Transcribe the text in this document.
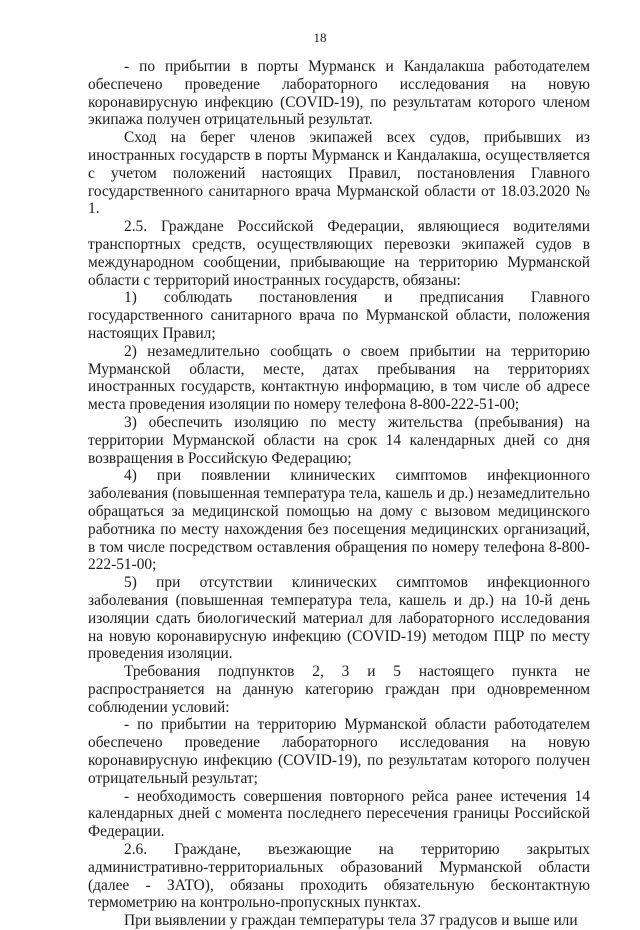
18

- по прибытии в порты Мурманск и Кандалакша работодателем обеспечено проведение лабораторного исследования на новую коронавирусную инфекцию (COVID-19), по результатам которого членом экипажа получен отрицательный результат.

Сход на берег членов экипажей всех судов, прибывших из иностранных государств в порты Мурманск и Кандалакша, осуществляется с учетом положений настоящих Правил, постановления Главного государственного санитарного врача Мурманской области от 18.03.2020 № 1.

2.5. Граждане Российской Федерации, являющиеся водителями транспортных средств, осуществляющих перевозки экипажей судов в международном сообщении, прибывающие на территорию Мурманской области с территорий иностранных государств, обязаны:

1) соблюдать постановления и предписания Главного государственного санитарного врача по Мурманской области, положения настоящих Правил;

2) незамедлительно сообщать о своем прибытии на территорию Мурманской области, месте, датах пребывания на территориях иностранных государств, контактную информацию, в том числе об адресе места проведения изоляции по номеру телефона 8-800-222-51-00;

3) обеспечить изоляцию по месту жительства (пребывания) на территории Мурманской области на срок 14 календарных дней со дня возвращения в Российскую Федерацию;

4) при появлении клинических симптомов инфекционного заболевания (повышенная температура тела, кашель и др.) незамедлительно обращаться за медицинской помощью на дому с вызовом медицинского работника по месту нахождения без посещения медицинских организаций, в том числе посредством оставления обращения по номеру телефона 8-800-222-51-00;

5) при отсутствии клинических симптомов инфекционного заболевания (повышенная температура тела, кашель и др.) на 10-й день изоляции сдать биологический материал для лабораторного исследования на новую коронавирусную инфекцию (COVID-19) методом ПЦР по месту проведения изоляции.

Требования подпунктов 2, 3 и 5 настоящего пункта не распространяется на данную категорию граждан при одновременном соблюдении условий:

- по прибытии на территорию Мурманской области работодателем обеспечено проведение лабораторного исследования на новую коронавирусную инфекцию (COVID-19), по результатам которого получен отрицательный результат;

- необходимость совершения повторного рейса ранее истечения 14 календарных дней с момента последнего пересечения границы Российской Федерации.

2.6. Граждане, въезжающие на территорию закрытых административно-территориальных образований Мурманской области (далее - ЗАТО), обязаны проходить обязательную бесконтактную термометрию на контрольно-пропускных пунктах.

При выявлении у граждан температуры тела 37 градусов и выше или
